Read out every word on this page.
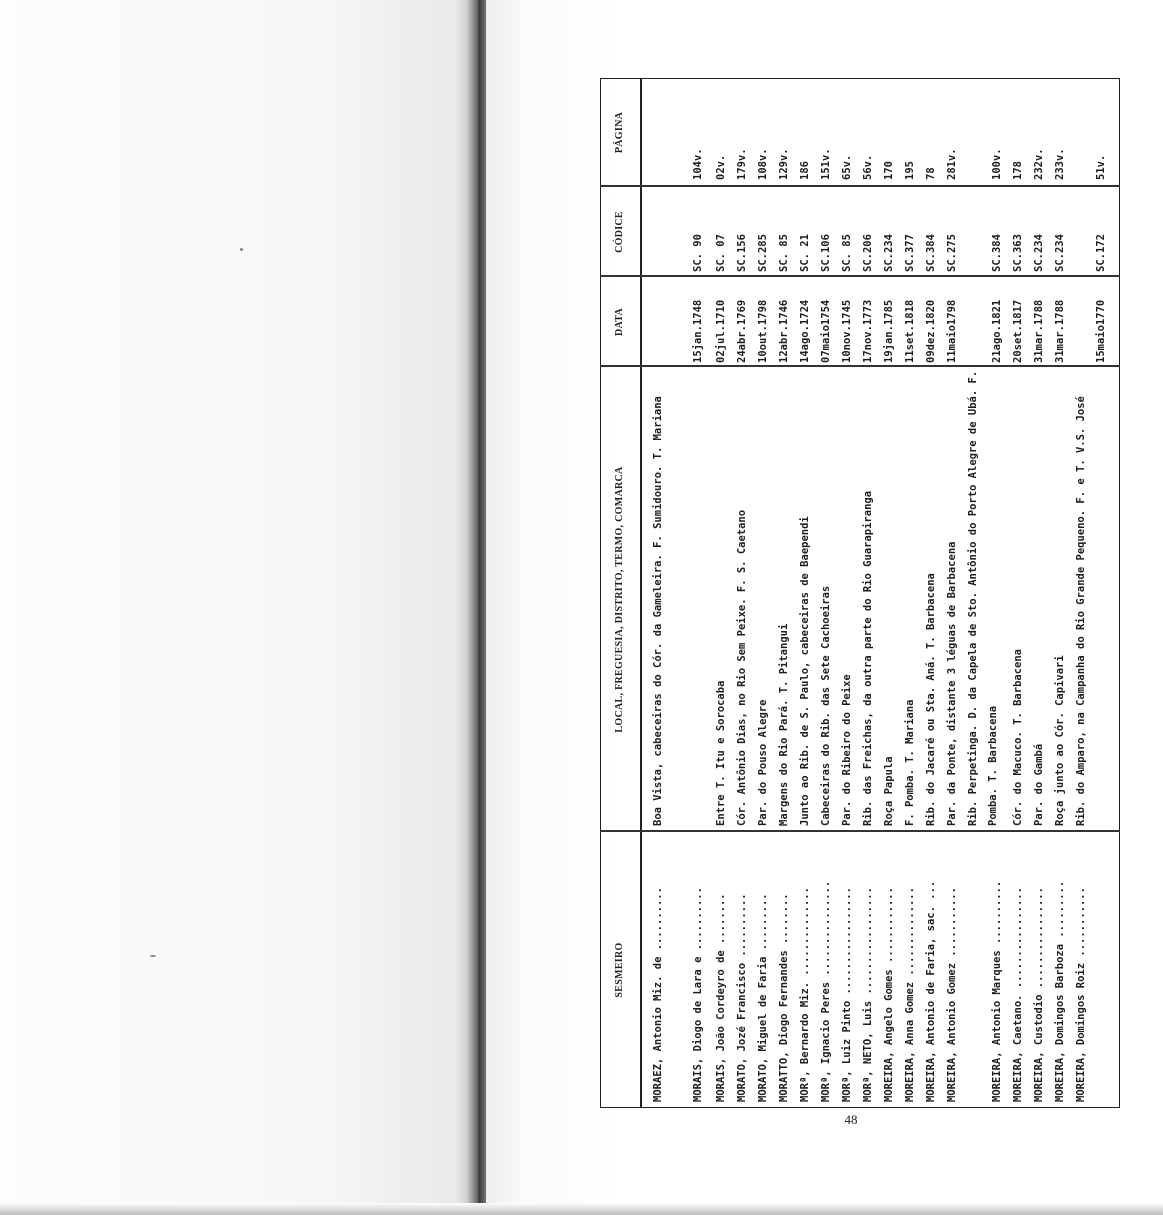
SESMEIRO
LOCAL, FREGUESIA, DISTRITO, TERMO, COMARCA
DATA
CÓDICE
PÁGINA
MORAEZ, Antonio Miz. de ..........
Boa Vista, cabeceiras do Cór. da Gameleira. F. Sumidouro. T. Mariana
15jan.1748
SC. 90
104v.
MORAIS, Diogo de Lara e ..........
Entre T. Itu e Sorocaba
02jul.1710
SC. 07
02v.
MORAIS, João Cordeyro de ........
Cór. Antônio Dias, no Rio Sem Peixe. F. S. Caetano
24abr.1769
SC.156
179v.
MORATO, Jozé Francisco ..........
Par. do Pouso Alegre
10out.1798
SC.285
108v.
MORATO, Miguel de Faria .........
Margens do Rio Pará. T. Pitangui
12abr.1746
SC. 85
129v.
MORATTO, Diogo Fernandes ........
Junto ao Rib. de S. Paulo, cabeceiras de Baependi
14ago.1724
SC. 21
186
MORª, Bernardo Miz. ..............
Cabeceiras do Rib. das Sete Cachoeiras
07maio1754
SC.106
151v.
MORª, Ignacio Peres ...............
Par. do Ribeiro do Peixe
10nov.1745
SC. 85
65v.
MORª, Luiz Pinto .................
Rib. das Freichas, da outra parte do Rio Guarapiranga
17nov.1773
SC.206
56v.
MORª, NETO, Luis .................
Roça Papula
19jan.1785
SC.234
170
MOREIRA, Angelo Gomes ............
F. Pomba. T. Mariana
11set.1818
SC.377
195
MOREIRA, Anna Gomez ..............
Rib. do Jacaré ou Sta. Aná. T. Barbacena
09dez.1820
SC.384
78
MOREIRA, Antonio de Faria, sac. ...
Par. da Ponte, distante 3 léguas de Barbacena
11maio1798
SC.275
281v.
MOREIRA, Antonio Gomez ...........
Rib. Perpetinga. D. da Capela de Sto. Antônio do Porto Alegre de Ubá. F. Pomba. T. Barbacena
MOREIRA, Antonio Marques ..........
21ago.1821
SC.384
100v.
MOREIRA, Caetano. ................
Cór. do Macuco. T. Barbacena
20set.1817
SC.363
178
MOREIRA, Custodio ................
Par. do Gambá
31mar.1788
SC.234
232v.
MOREIRA, Domingos Barboza .........
Roça junto ao Cór. Capivari
31mar.1788
SC.234
233v.
MOREIRA, Domingos Roiz ...........
Rib. do Amparo, na Campanha do Rio Grande Pequeno. F. e T. V.S. José
15maio1770
SC.172
51v.
48
